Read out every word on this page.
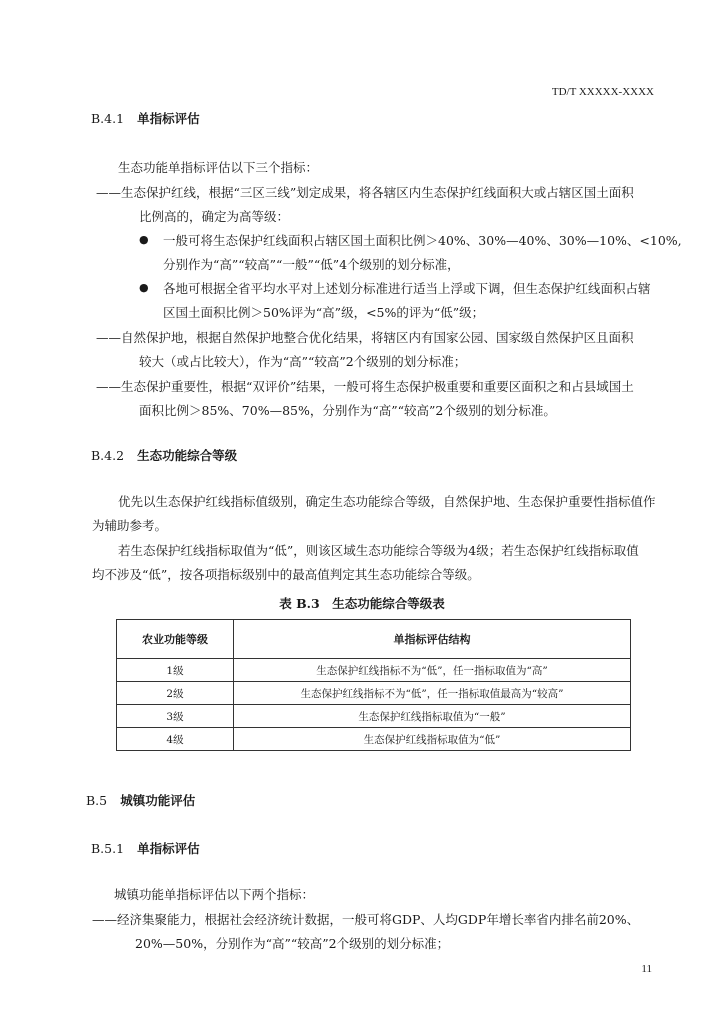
TD/T XXXXX-XXXX
B.4.1 单指标评估
生态功能单指标评估以下三个指标：
——生态保护红线，根据“三区三线”划定成果，将各辖区内生态保护红线面积大或占辖区国土面积
比例高的，确定为高等级：
● 一般可将生态保护红线面积占辖区国土面积比例＞40%、30%—40%、30%—10%、<10%,
分别作为“高”“较高”“一般”“低”4个级别的划分标准，
● 各地可根据全省平均水平对上述划分标准进行适当上浮或下调，但生态保护红线面积占辖
区国土面积比例＞50%评为“高”级，<5%的评为“低”级；
——自然保护地，根据自然保护地整合优化结果，将辖区内有国家公园、国家级自然保护区且面积
较大（或占比较大），作为“高”“较高”2个级别的划分标准；
——生态保护重要性，根据“双评价”结果，一般可将生态保护极重要和重要区面积之和占县域国土
面积比例＞85%、70%—85%，分别作为“高”“较高”2个级别的划分标准。
B.4.2 生态功能综合等级
优先以生态保护红线指标值级别，确定生态功能综合等级，自然保护地、生态保护重要性指标值作
为辅助参考。
若生态保护红线指标取值为“低”，则该区域生态功能综合等级为4级；若生态保护红线指标取值
均不涉及“低”，按各项指标级别中的最高值判定其生态功能综合等级。
表 B.3　生态功能综合等级表
农业功能等级	单指标评估结构
1级	生态保护红线指标不为“低”，任一指标取值为“高”
2级	生态保护红线指标不为“低”，任一指标取值最高为“较高”
3级	生态保护红线指标取值为“一般”
4级	生态保护红线指标取值为“低”
B.5 城镇功能评估
B.5.1 单指标评估
城镇功能单指标评估以下两个指标：
——经济集聚能力，根据社会经济统计数据，一般可将GDP、人均GDP年增长率省内排名前20%、
20%—50%，分别作为“高”“较高”2个级别的划分标准；
11
